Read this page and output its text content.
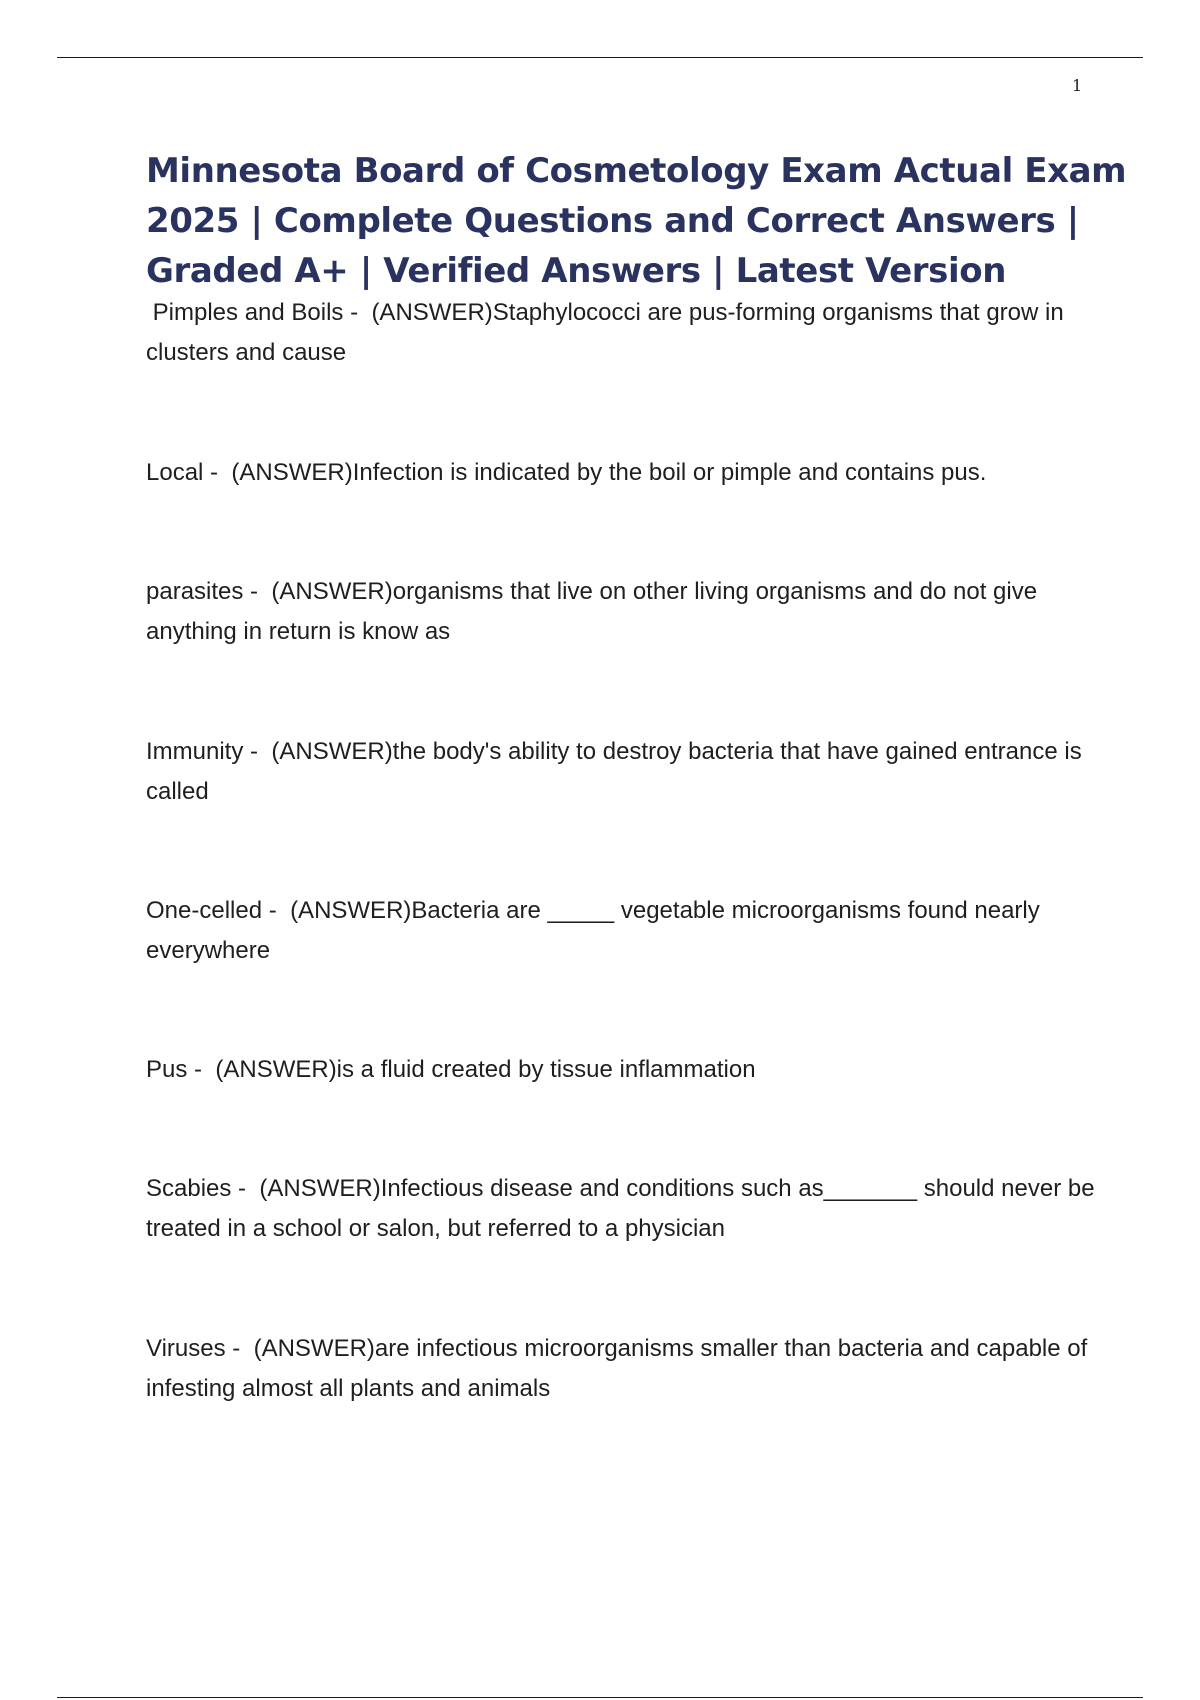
1
Minnesota Board of Cosmetology Exam Actual Exam 2025 | Complete Questions and Correct Answers | Graded A+ | Verified Answers | Latest Version

Pimples and Boils -  (ANSWER)Staphylococci are pus-forming organisms that grow in clusters and cause

Local -  (ANSWER)Infection is indicated by the boil or pimple and contains pus.

parasites -  (ANSWER)organisms that live on other living organisms and do not give anything in return is know as

Immunity -  (ANSWER)the body's ability to destroy bacteria that have gained entrance is called

One-celled -  (ANSWER)Bacteria are _____ vegetable microorganisms found nearly everywhere

Pus -  (ANSWER)is a fluid created by tissue inflammation

Scabies -  (ANSWER)Infectious disease and conditions such as_______ should never be treated in a school or salon, but referred to a physician

Viruses -  (ANSWER)are infectious microorganisms smaller than bacteria and capable of infesting almost all plants and animals
